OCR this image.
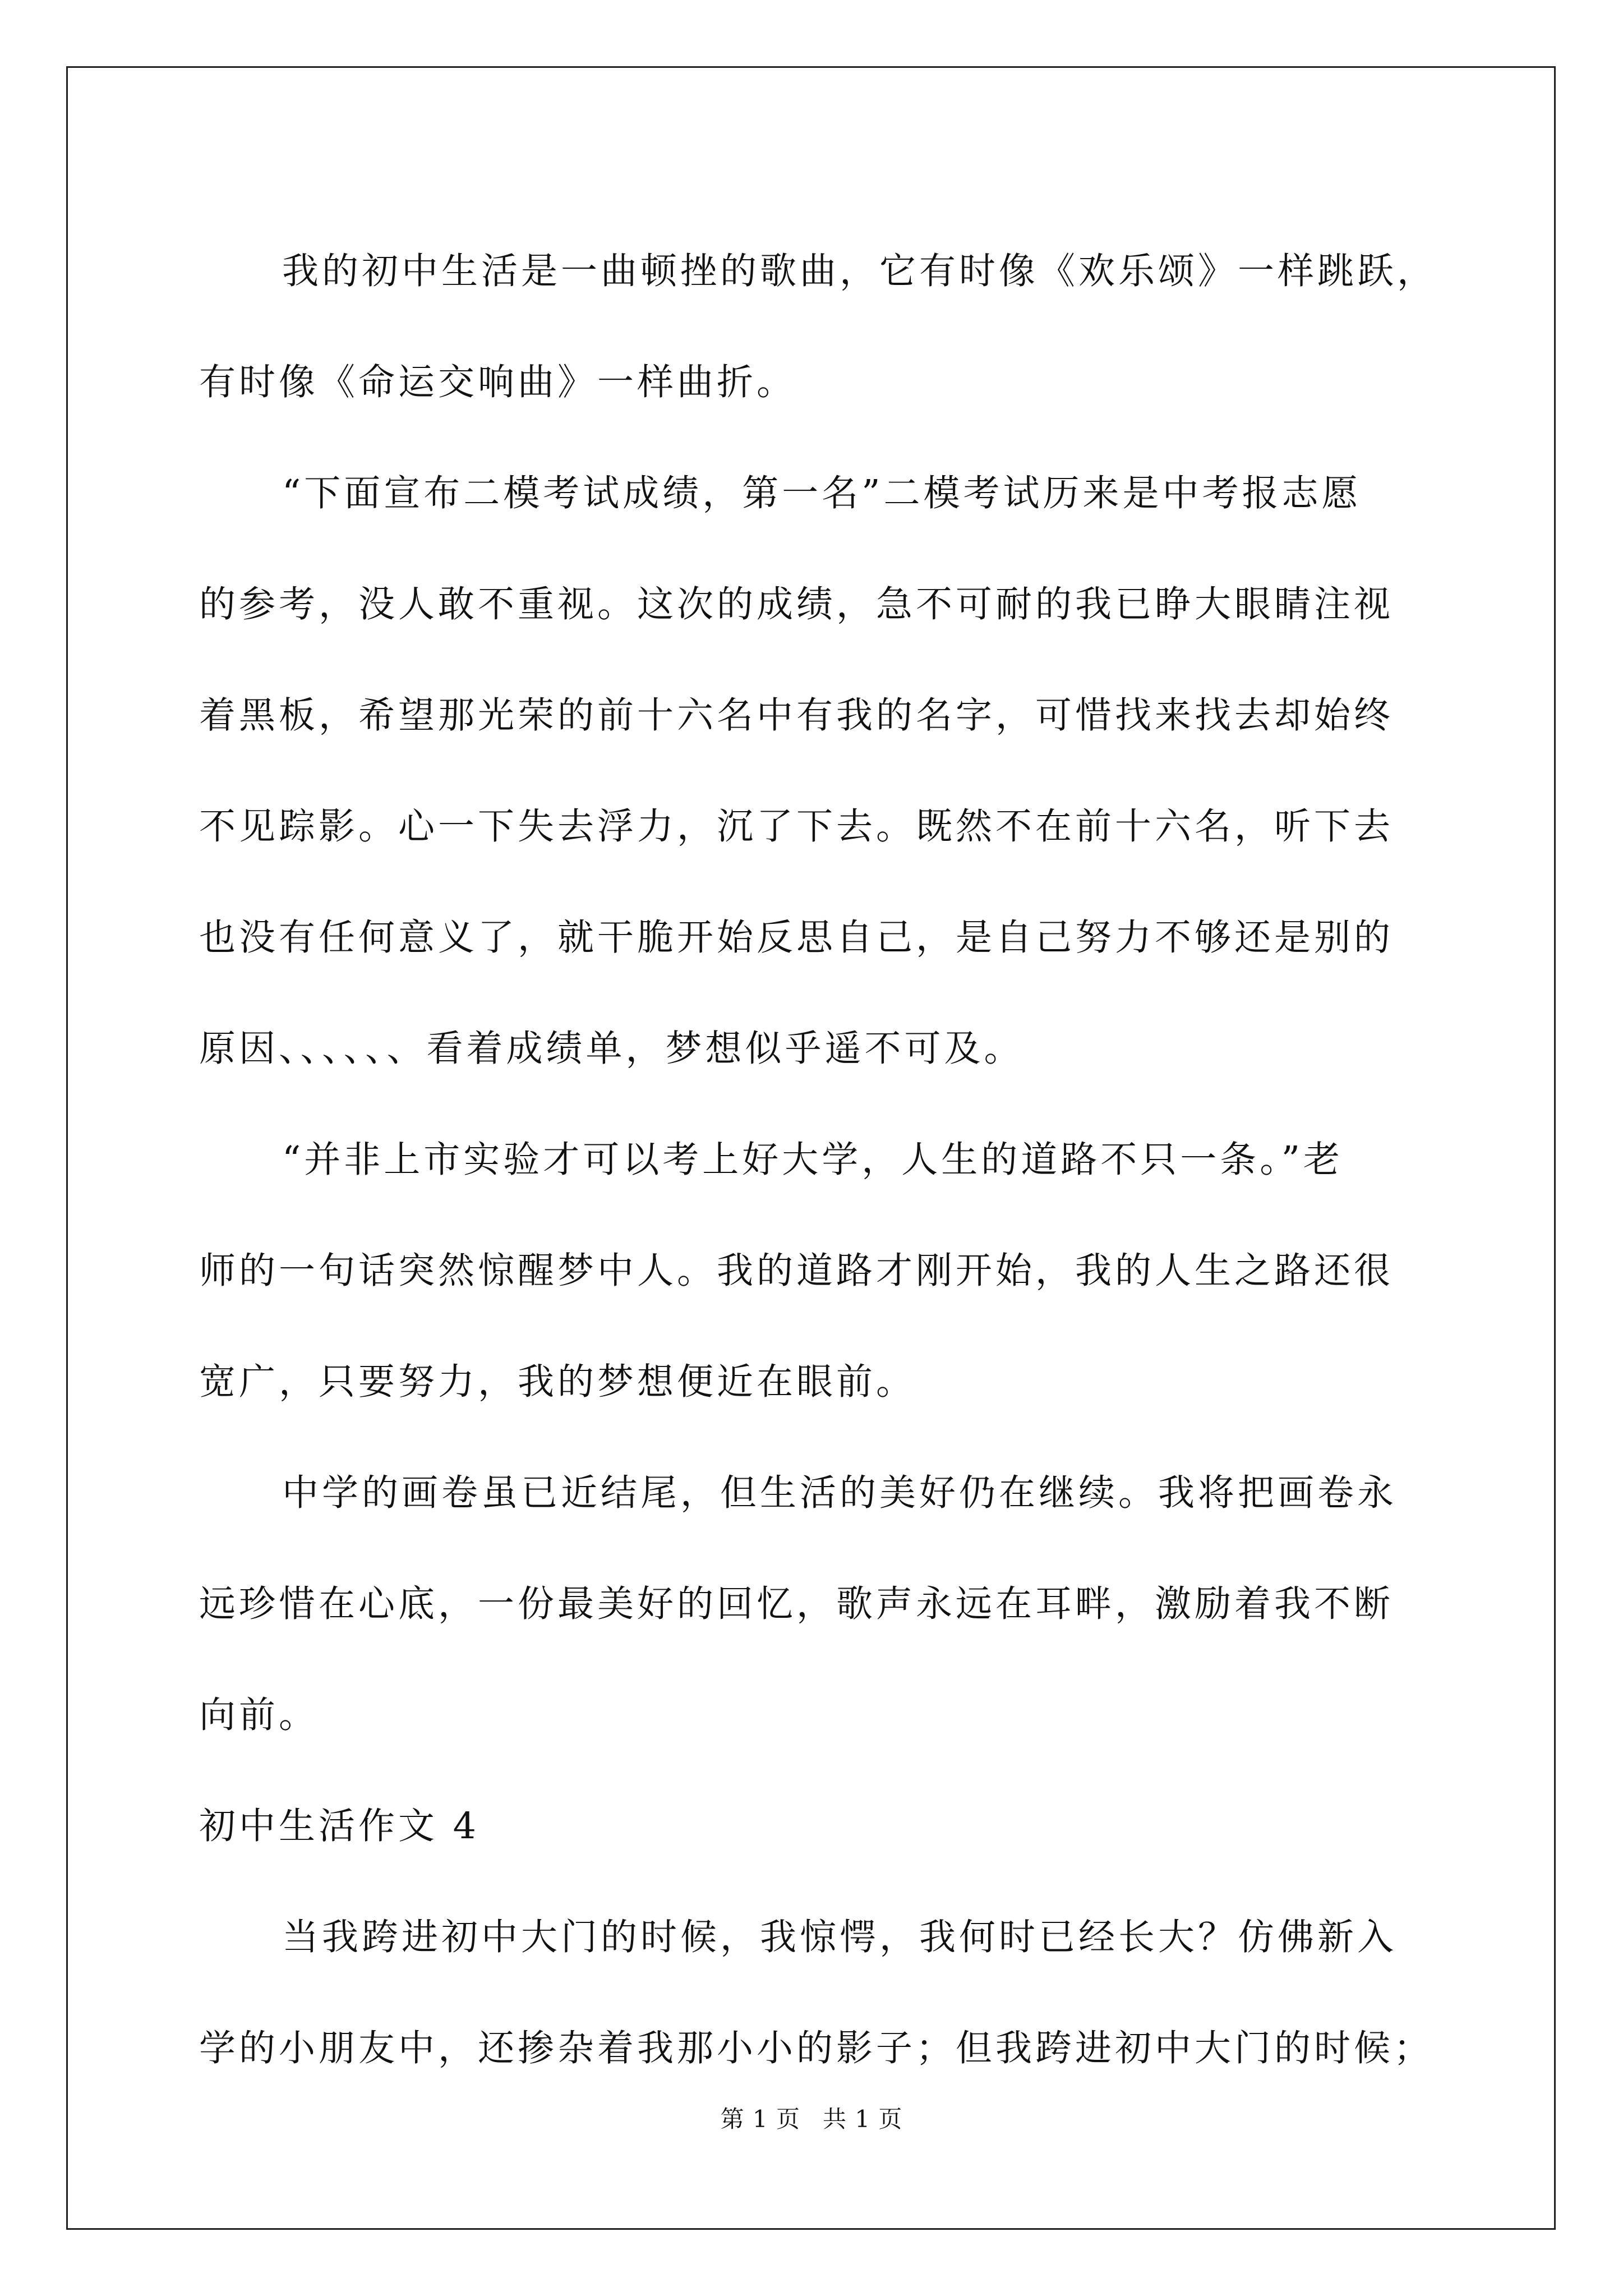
我的初中生活是一曲顿挫的歌曲，它有时像《欢乐颂》一样跳跃，
有时像《命运交响曲》一样曲折。
“下面宣布二模考试成绩，第一名”二模考试历来是中考报志愿
的参考，没人敢不重视。这次的成绩，急不可耐的我已睁大眼睛注视
着黑板，希望那光荣的前十六名中有我的名字，可惜找来找去却始终
不见踪影。心一下失去浮力，沉了下去。既然不在前十六名，听下去
也没有任何意义了，就干脆开始反思自己，是自己努力不够还是别的
原因、、、、、、看着成绩单，梦想似乎遥不可及。
“并非上市实验才可以考上好大学，人生的道路不只一条。”老
师的一句话突然惊醒梦中人。我的道路才刚开始，我的人生之路还很
宽广，只要努力，我的梦想便近在眼前。
中学的画卷虽已近结尾，但生活的美好仍在继续。我将把画卷永
远珍惜在心底，一份最美好的回忆，歌声永远在耳畔，激励着我不断
向前。
初中生活作文 4
当我跨进初中大门的时候，我惊愕，我何时已经长大？仿佛新入
学的小朋友中，还掺杂着我那小小的影子；但我跨进初中大门的时候；
第 1 页 共 1 页
